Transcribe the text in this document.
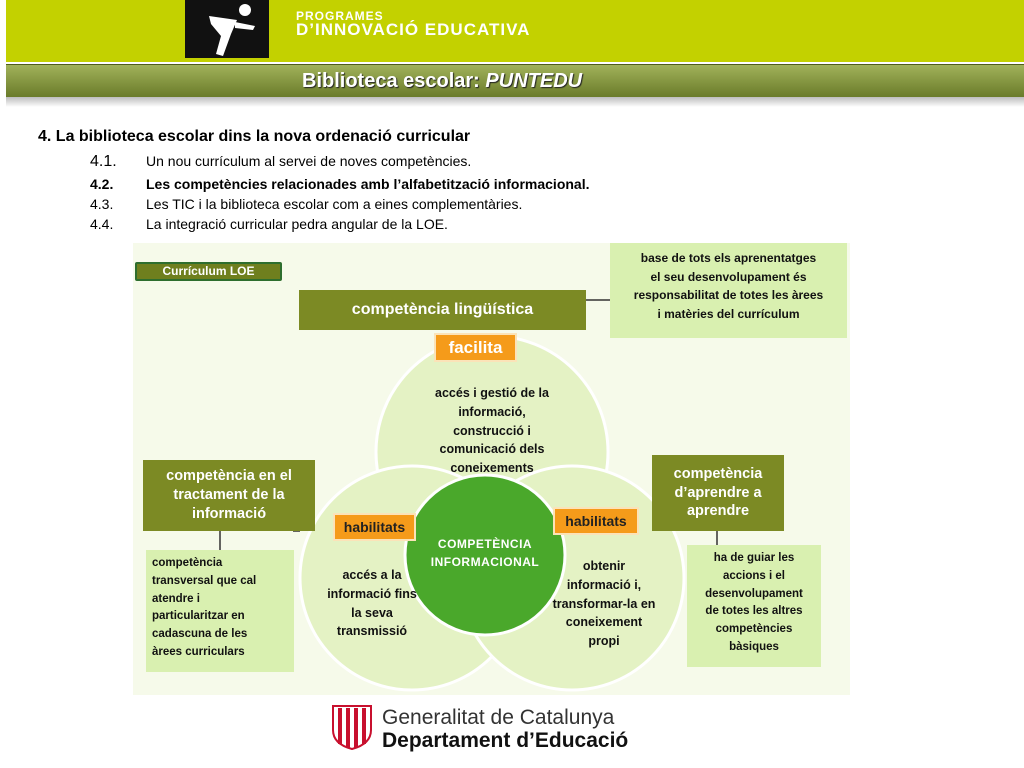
PROGRAMES
D’INNOVACIÓ EDUCATIVA
Biblioteca escolar: PUNTEDU
4. La biblioteca escolar dins la nova ordenació curricular
4.1. Un nou currículum al servei de noves competències.
4.2. Les competències relacionades amb l’alfabetització informacional.
4.3. Les TIC i la biblioteca escolar com a eines complementàries.
4.4. La integració curricular pedra angular de la LOE.
Currículum LOE
competència lingüística
base de tots els aprenentatges
el seu desenvolupament és
responsabilitat de totes les àrees
i matèries del currículum
facilita
accés i gestió de la
informació,
construcció i
comunicació dels
coneixements
competència en el
tractament de la
informació
competència
transversal que cal
atendre i
particularitzar en
cadascuna de les
àrees curriculars
competència
d’aprendre a
aprendre
ha de guiar les
accions i el
desenvolupament
de totes les altres
competències
bàsiques
habilitats	habilitats
accés a la
informació fins
la seva
transmissió
obtenir
informació i,
transformar-la en
coneixement
propi
COMPETÈNCIA
INFORMACIONAL
Generalitat de Catalunya
Departament d’Educació
